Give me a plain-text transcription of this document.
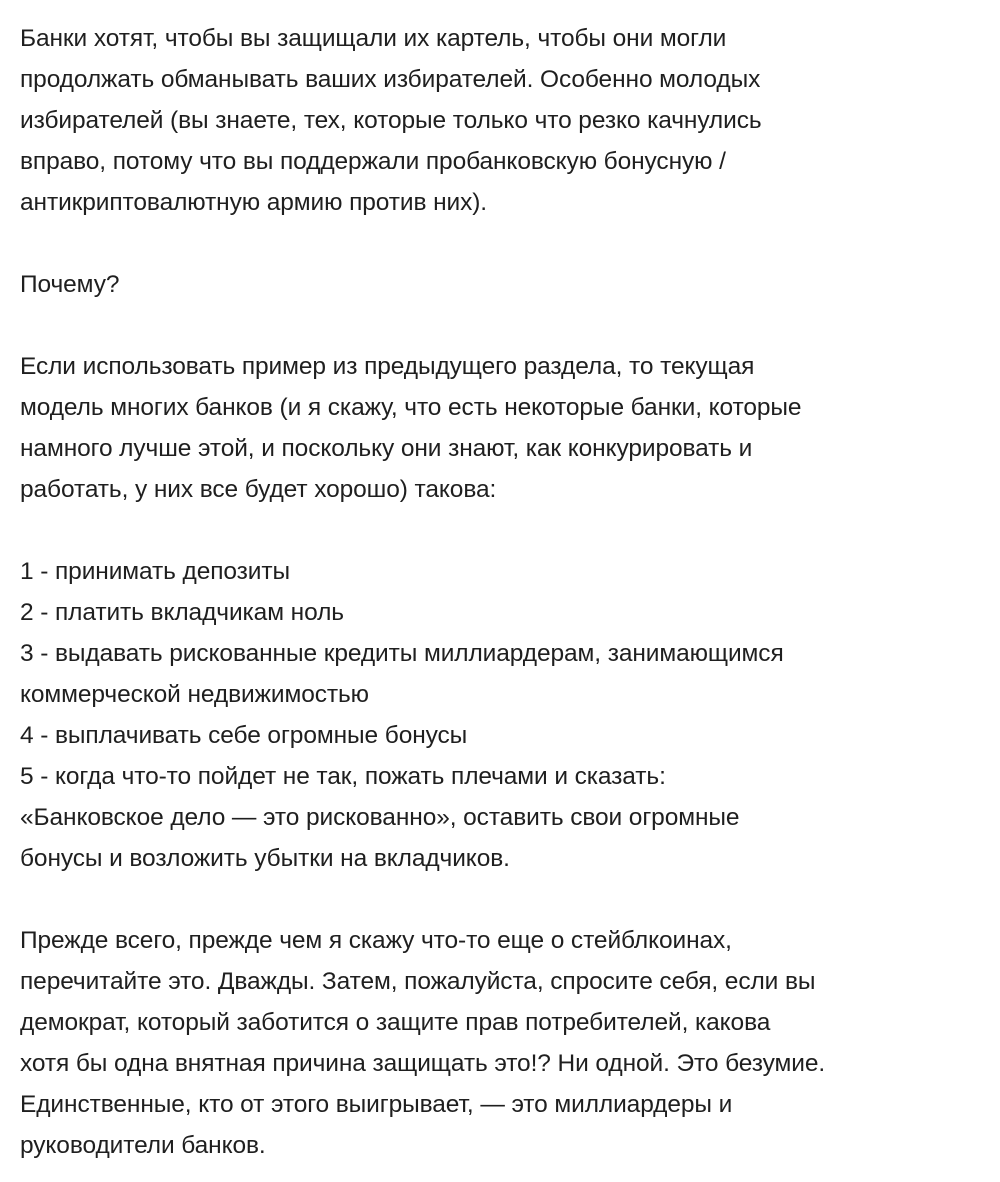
Банки хотят, чтобы вы защищали их картель, чтобы они могли
продолжать обманывать ваших избирателей. Особенно молодых
избирателей (вы знаете, тех, которые только что резко качнулись
вправо, потому что вы поддержали пробанковскую бонусную /
антикриптовалютную армию против них).

Почему?

Если использовать пример из предыдущего раздела, то текущая
модель многих банков (и я скажу, что есть некоторые банки, которые
намного лучше этой, и поскольку они знают, как конкурировать и
работать, у них все будет хорошо) такова:

1 - принимать депозиты
2 - платить вкладчикам ноль
3 - выдавать рискованные кредиты миллиардерам, занимающимся
коммерческой недвижимостью
4 - выплачивать себе огромные бонусы
5 - когда что-то пойдет не так, пожать плечами и сказать:
«Банковское дело — это рискованно», оставить свои огромные
бонусы и возложить убытки на вкладчиков.

Прежде всего, прежде чем я скажу что-то еще о стейблкоинах,
перечитайте это. Дважды. Затем, пожалуйста, спросите себя, если вы
демократ, который заботится о защите прав потребителей, какова
хотя бы одна внятная причина защищать это!? Ни одной. Это безумие.
Единственные, кто от этого выигрывает, — это миллиардеры и
руководители банков.
